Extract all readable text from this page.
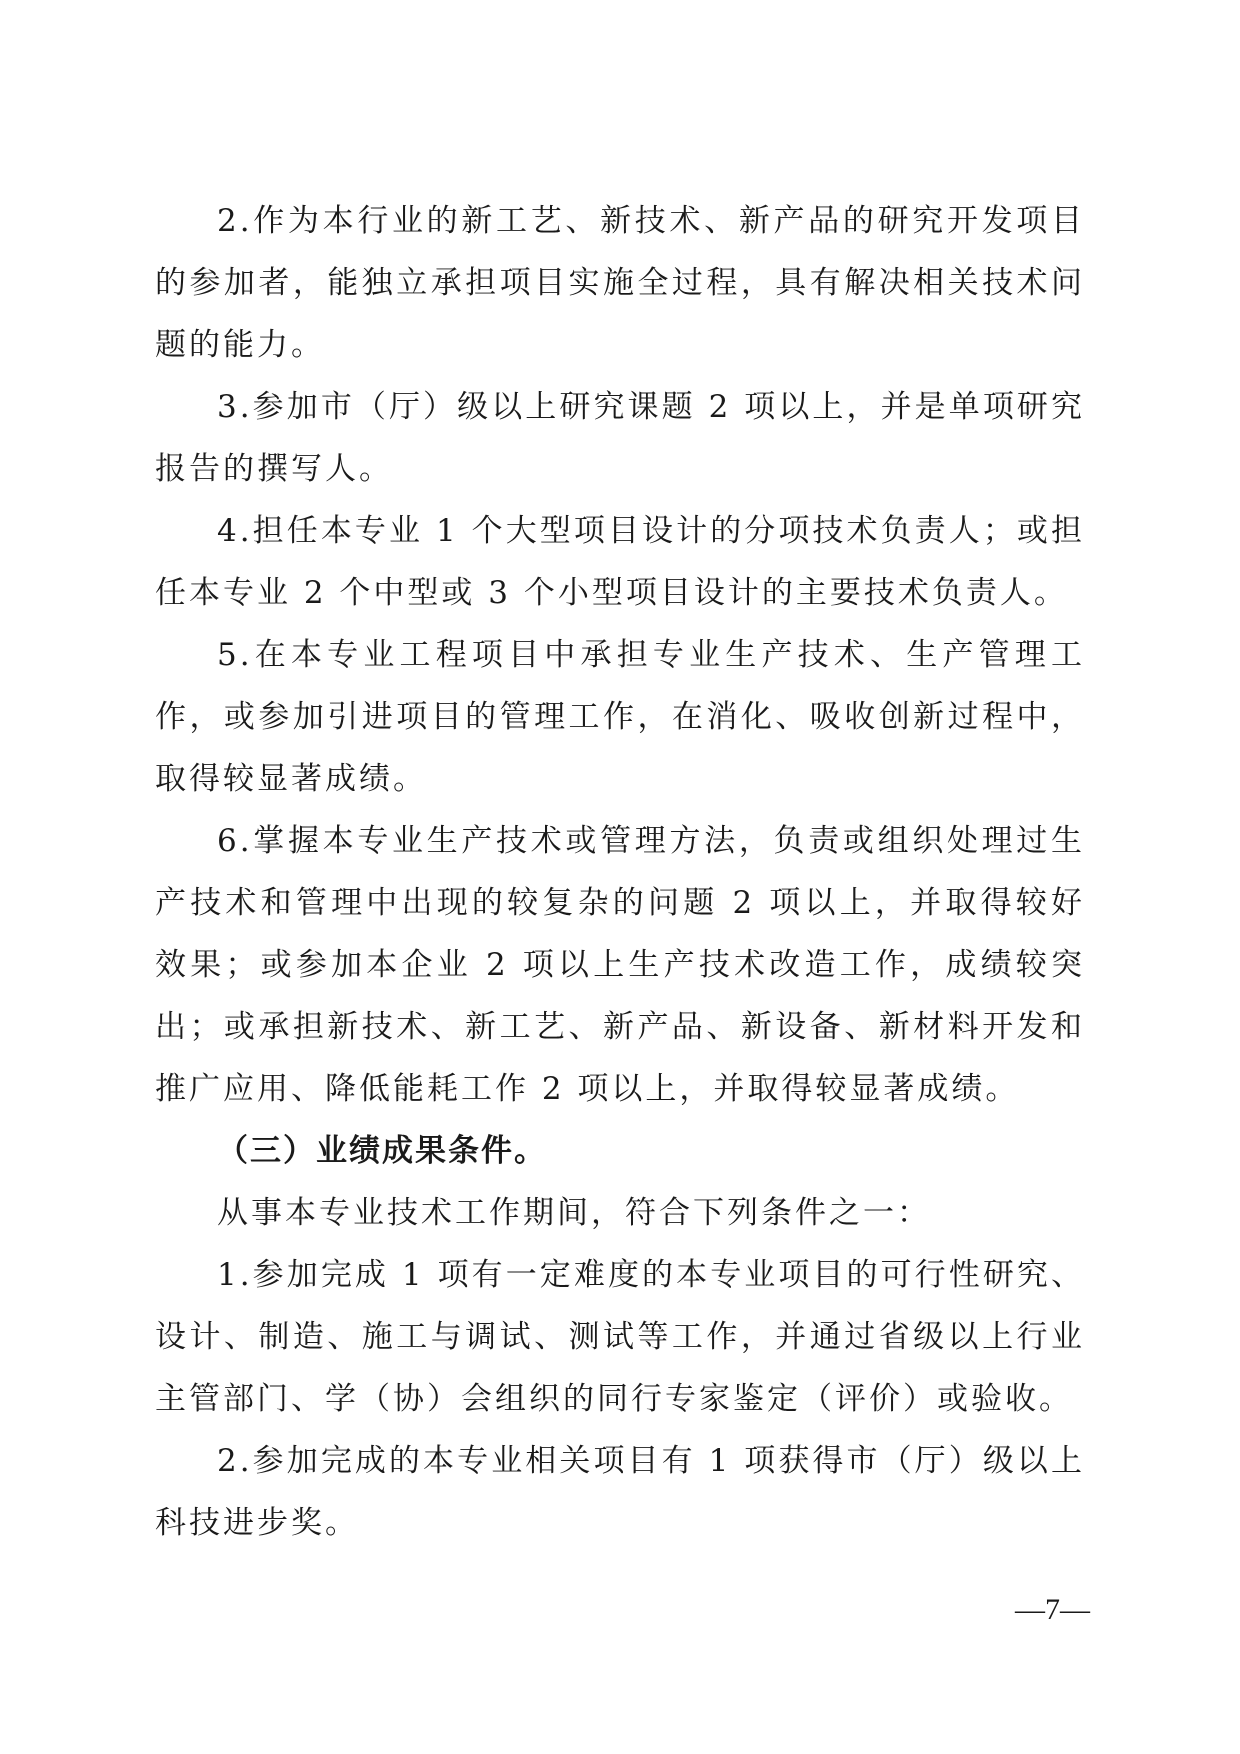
2.作为本行业的新工艺、新技术、新产品的研究开发项目的参加者，能独立承担项目实施全过程，具有解决相关技术问题的能力。

3.参加市（厅）级以上研究课题 2 项以上，并是单项研究报告的撰写人。

4.担任本专业 1 个大型项目设计的分项技术负责人；或担任本专业 2 个中型或 3 个小型项目设计的主要技术负责人。

5.在本专业工程项目中承担专业生产技术、生产管理工作，或参加引进项目的管理工作，在消化、吸收创新过程中，取得较显著成绩。

6.掌握本专业生产技术或管理方法，负责或组织处理过生产技术和管理中出现的较复杂的问题 2 项以上，并取得较好效果；或参加本企业 2 项以上生产技术改造工作，成绩较突出；或承担新技术、新工艺、新产品、新设备、新材料开发和推广应用、降低能耗工作 2 项以上，并取得较显著成绩。

（三）业绩成果条件。

从事本专业技术工作期间，符合下列条件之一：

1.参加完成 1 项有一定难度的本专业项目的可行性研究、设计、制造、施工与调试、测试等工作，并通过省级以上行业主管部门、学（协）会组织的同行专家鉴定（评价）或验收。

2.参加完成的本专业相关项目有 1 项获得市（厅）级以上科技进步奖。

—7—
